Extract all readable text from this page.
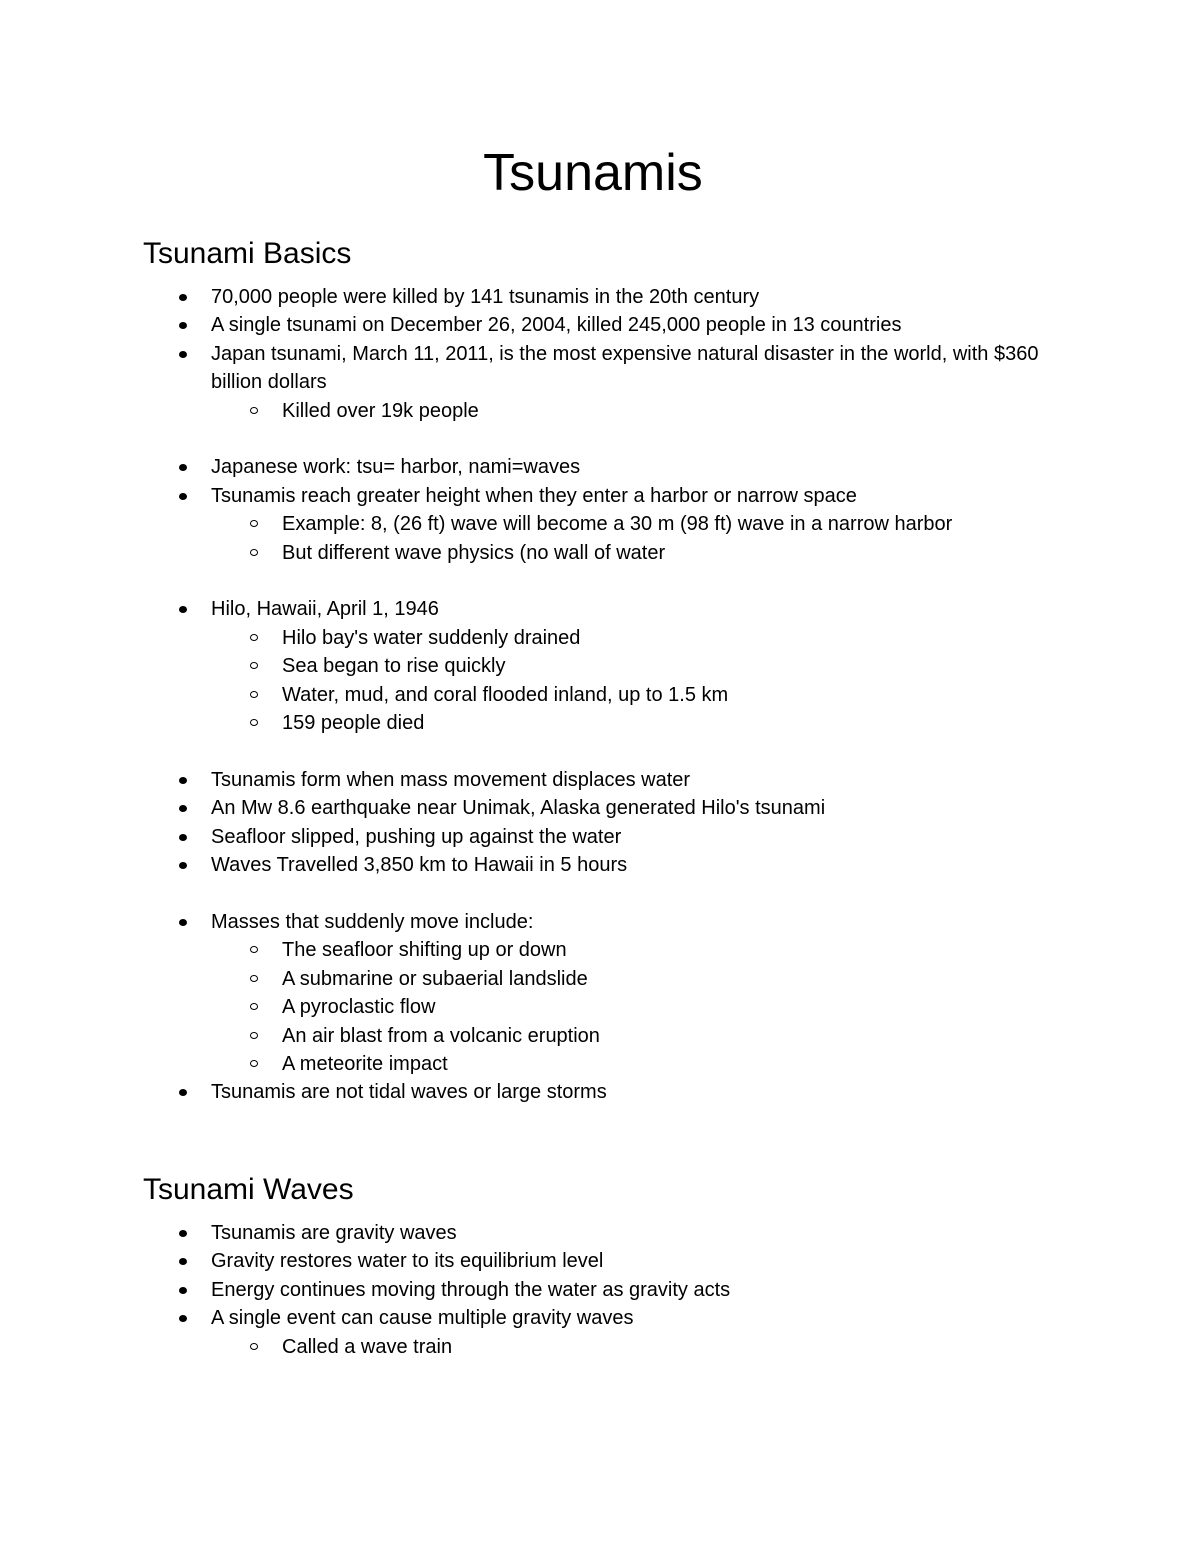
Tsunamis
Tsunami Basics
70,000 people were killed by 141 tsunamis in the 20th century
A single tsunami on December 26, 2004, killed 245,000 people in 13 countries
Japan tsunami, March 11, 2011, is the most expensive natural disaster in the world, with $360 billion dollars
Killed over 19k people
Japanese work: tsu= harbor, nami=waves
Tsunamis reach greater height when they enter a harbor or narrow space
Example: 8, (26 ft) wave will become a 30 m (98 ft) wave in a narrow harbor
But different wave physics (no wall of water
Hilo, Hawaii, April 1, 1946
Hilo bay's water suddenly drained
Sea began to rise quickly
Water, mud, and coral flooded inland, up to 1.5 km
159 people died
Tsunamis form when mass movement displaces water
An Mw 8.6 earthquake near Unimak, Alaska generated Hilo's tsunami
Seafloor slipped, pushing up against the water
Waves Travelled 3,850 km to Hawaii in 5 hours
Masses that suddenly move include:
The seafloor shifting up or down
A submarine or subaerial landslide
A pyroclastic flow
An air blast from a volcanic eruption
A meteorite impact
Tsunamis are not tidal waves or large storms
Tsunami Waves
Tsunamis are gravity waves
Gravity restores water to its equilibrium level
Energy continues moving through the water as gravity acts
A single event can cause multiple gravity waves
Called a wave train
